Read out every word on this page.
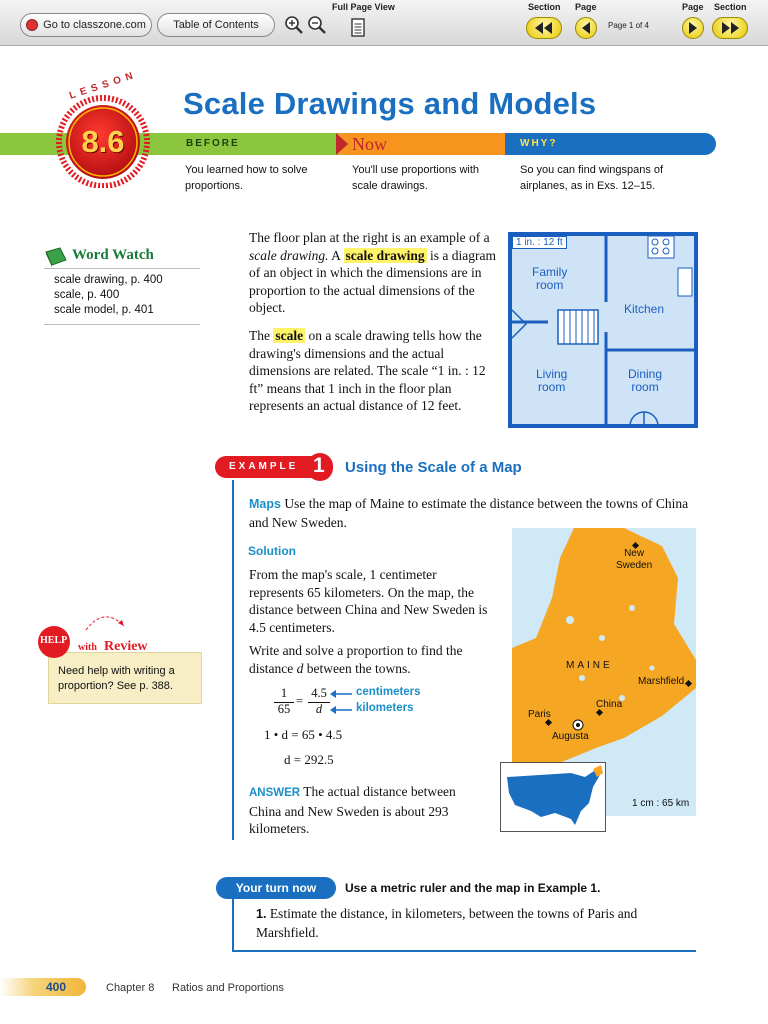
Go to classzone.com Table of Contents
Full Page View	Section Page
Page 1 of 4
Page Section
BEFORE	Now	WHY?
LESSON
8.6
Scale Drawings and Models
You learned how to solve
proportions.
You'll use proportions with
scale drawings.
So you can find wingspans of
airplanes, as in Exs. 12–15.
Word Watch
scale drawing, p. 400
scale, p. 400
scale model, p. 401
The floor plan at the right is an example of a scale drawing. A scale drawing is a diagram of an object in which the dimensions are in proportion to the actual dimensions of the object.
The scale on a scale drawing tells how the drawing's dimensions and the actual dimensions are related. The scale “1 in. : 12 ft” means that 1 inch in the floor plan represents an actual distance of 12 feet.
1 in. : 12 ft
Family
room
Kitchen
Living
room
Dining
room
EXAMPLE 1 Using the Scale of a Map
Maps Use the map of Maine to estimate the distance between the towns of China and New Sweden.
Solution
From the map's scale, 1 centimeter represents 65 kilometers. On the map, the distance between China and New Sweden is 4.5 centimeters.
Write and solve a proportion to find the distance d between the towns.
1
65
=
4.5
d
centimeters
kilometers
1 • d = 65 • 4.5
d = 292.5
ANSWER The actual distance between China and New Sweden is about 293 kilometers.
HELP
with Review
Need help with writing a proportion? See p. 388.
New
Sweden
MAINE
Marshfield
China
Paris
Augusta
1 cm : 65 km
Your turn now	Use a metric ruler and the map in Example 1.
1. Estimate the distance, in kilometers, between the towns of Paris and Marshfield.
400	Chapter 8 Ratios and Proportions
